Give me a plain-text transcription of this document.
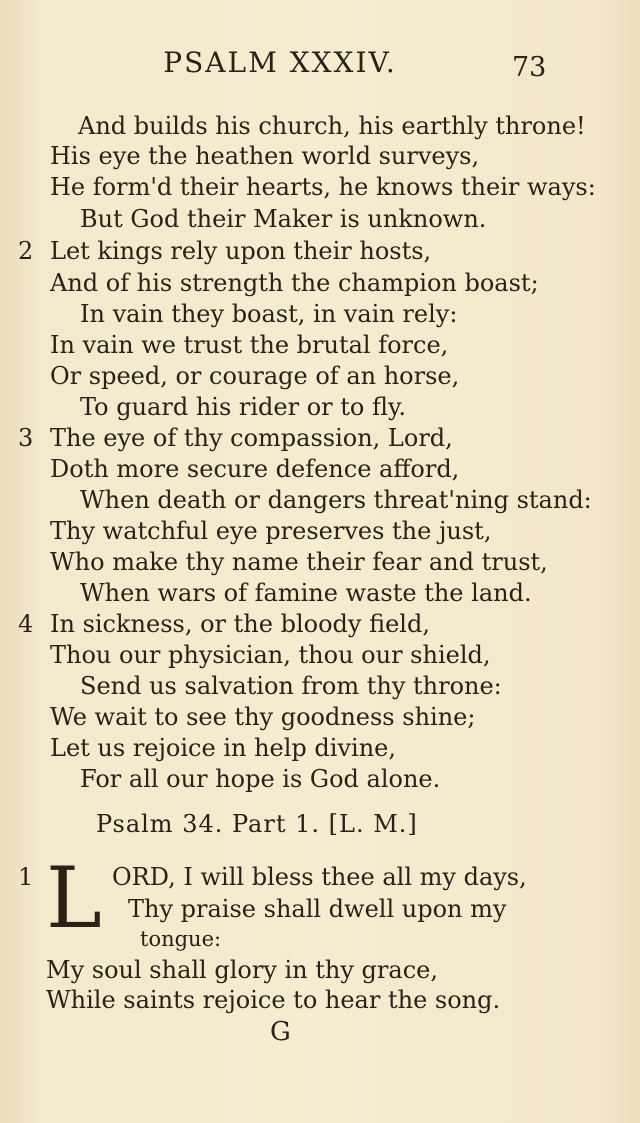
PSALM XXXIV.	73
And builds his church, his earthly throne!
His eye the heathen world surveys,
He form'd their hearts, he knows their ways:
But God their Maker is unknown.
2 Let kings rely upon their hosts,
And of his strength the champion boast;
In vain they boast, in vain rely:
In vain we trust the brutal force,
Or speed, or courage of an horse,
To guard his rider or to fly.
3 The eye of thy compassion, Lord,
Doth more secure defence afford,
When death or dangers threat'ning stand:
Thy watchful eye preserves the just,
Who make thy name their fear and trust,
When wars of famine waste the land.
4 In sickness, or the bloody field,
Thou our physician, thou our shield,
Send us salvation from thy throne:
We wait to see thy goodness shine;
Let us rejoice in help divine,
For all our hope is God alone.
Psalm 34. Part 1. [L. M.]
1 L ORD, I will bless thee all my days,
Thy praise shall dwell upon my
tongue:
My soul shall glory in thy grace,
While saints rejoice to hear the song.
G
